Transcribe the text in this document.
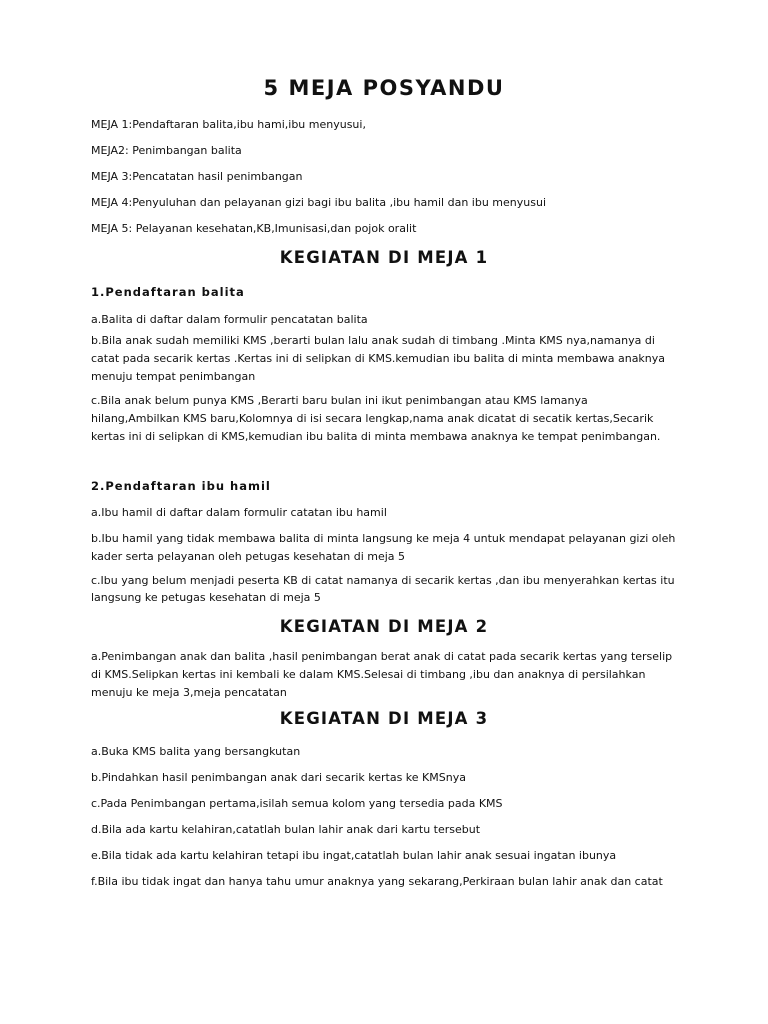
5 MEJA POSYANDU

MEJA 1:Pendaftaran balita,ibu hami,ibu menyusui,

MEJA2: Penimbangan balita

MEJA 3:Pencatatan hasil penimbangan

MEJA 4:Penyuluhan dan pelayanan gizi bagi ibu balita ,ibu hamil dan ibu menyusui

MEJA 5: Pelayanan kesehatan,KB,Imunisasi,dan pojok oralit

KEGIATAN DI MEJA 1
1.Pendaftaran balita

a.Balita di daftar dalam formulir pencatatan balita

b.Bila anak sudah memiliki KMS ,berarti bulan lalu anak sudah di timbang .Minta KMS nya,namanya di

catat pada secarik kertas .Kertas ini di selipkan di KMS.kemudian ibu balita di minta membawa anaknya

menuju tempat penimbangan

c.Bila anak belum punya KMS ,Berarti baru bulan ini ikut penimbangan atau KMS lamanya

hilang,Ambilkan KMS baru,Kolomnya di isi secara lengkap,nama anak dicatat di secatik kertas,Secarik

kertas ini di selipkan di KMS,kemudian ibu balita di minta membawa anaknya ke tempat penimbangan.

2.Pendaftaran ibu hamil

a.Ibu hamil di daftar dalam formulir catatan ibu hamil

b.Ibu hamil yang tidak membawa balita di minta langsung ke meja 4 untuk mendapat pelayanan gizi oleh

kader serta pelayanan oleh petugas kesehatan di meja 5

c.Ibu yang belum menjadi peserta KB di catat namanya di secarik kertas ,dan ibu menyerahkan kertas itu

langsung ke petugas kesehatan di meja 5

KEGIATAN DI MEJA 2

a.Penimbangan anak dan balita ,hasil penimbangan berat anak di catat pada secarik kertas yang terselip

di KMS.Selipkan kertas ini kembali ke dalam KMS.Selesai di timbang ,ibu dan anaknya di persilahkan

menuju ke meja 3,meja pencatatan

KEGIATAN DI MEJA 3

a.Buka KMS balita yang bersangkutan

b.Pindahkan hasil penimbangan anak dari secarik kertas ke KMSnya

c.Pada Penimbangan pertama,isilah semua kolom yang tersedia pada KMS

d.Bila ada kartu kelahiran,catatlah bulan lahir anak dari kartu tersebut

e.Bila tidak ada kartu kelahiran tetapi ibu ingat,catatlah bulan lahir anak sesuai ingatan ibunya

f.Bila ibu tidak ingat dan hanya tahu umur anaknya yang sekarang,Perkiraan bulan lahir anak dan catat
